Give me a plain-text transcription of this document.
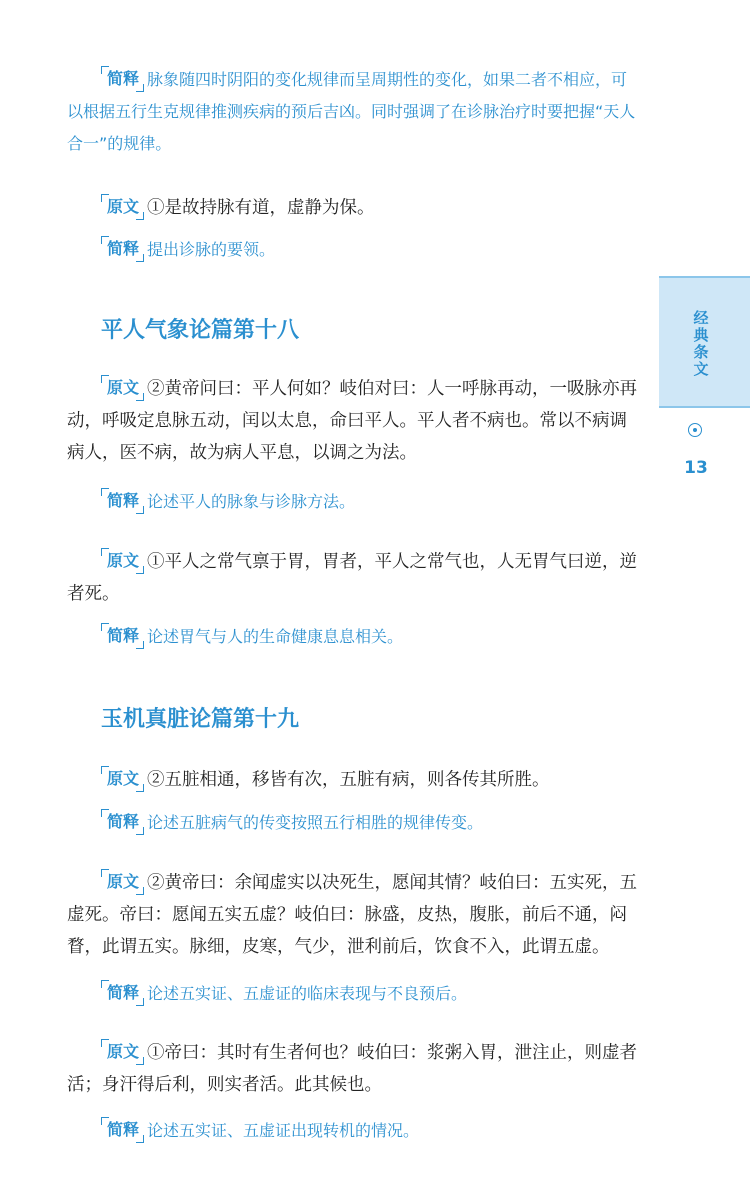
简释 脉象随四时阴阳的变化规律而呈周期性的变化，如果二者不相应，可以根据五行生克规律推测疾病的预后吉凶。同时强调了在诊脉治疗时要把握“天人合一”的规律。
原文 ①是故持脉有道，虚静为保。
简释 提出诊脉的要领。
平人气象论篇第十八
原文 ②黄帝问曰：平人何如？岐伯对曰：人一呼脉再动，一吸脉亦再动，呼吸定息脉五动，闰以太息，命曰平人。平人者不病也。常以不病调病人，医不病，故为病人平息，以调之为法。
简释 论述平人的脉象与诊脉方法。
原文 ①平人之常气禀于胃，胃者，平人之常气也，人无胃气曰逆，逆者死。
简释 论述胃气与人的生命健康息息相关。
玉机真脏论篇第十九
原文 ②五脏相通，移皆有次，五脏有病，则各传其所胜。
简释 论述五脏病气的传变按照五行相胜的规律传变。
原文 ②黄帝曰：余闻虚实以决死生，愿闻其情？岐伯曰：五实死，五虚死。帝曰：愿闻五实五虚？岐伯曰：脉盛，皮热，腹胀，前后不通，闷瞀，此谓五实。脉细，皮寒，气少，泄利前后，饮食不入，此谓五虚。
简释 论述五实证、五虚证的临床表现与不良预后。
原文 ①帝曰：其时有生者何也？岐伯曰：浆粥入胃，泄注止，则虚者活；身汗得后利，则实者活。此其候也。
简释 论述五实证、五虚证出现转机的情况。
经典条文
13
